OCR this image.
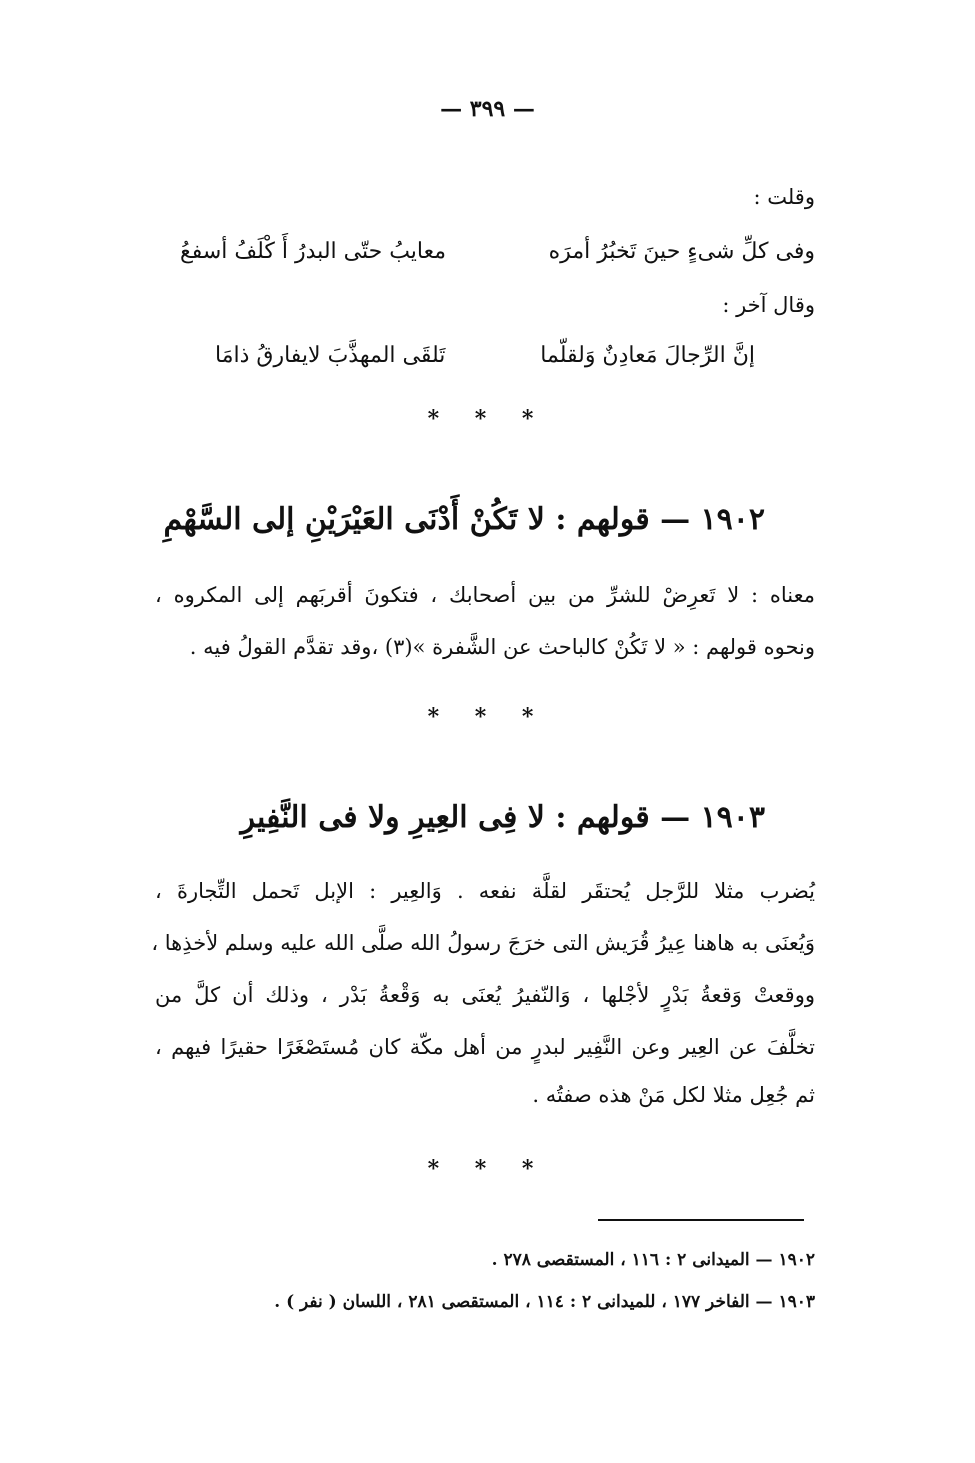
— ٣٩٩ —
وقلت :
وفى كلِّ شىءٍ حينَ تَخبُرُ أمرَه
معايبُ حتّى البدرُ أَ كْلَفُ أسفعُ
وقال آخر :
إنَّ الرِّجالَ مَعادِنٌ وَلقلّما
تَلقَى المهذَّبَ لايفارقُ ذامَا
* * *
١٩٠٢ — قولهم : لا تَكُنْ أَدْنَى العَيْرَيْنِ إلى السَّهْمِ
معناه : لا تَعرِضْ للشرِّ من بين أصحابك ، فتكونَ أقربَهم إلى المكروه ،
ونحوه قولهم : « لا تَكُنْ كالباحث عن الشَّفرة »(٣) ،وقد تقدَّم القولُ فيه .
* * *
١٩٠٣ — قولهم : لا فِى العِيرِ ولا فى النَّفِيرِ
يُضرب مثلا للرَّجل يُحتقَر لقلَّة نفعه . وَالعِير : الإبل تَحمل التِّجارةَ ،
وَيُعنَى به هاهنا عِيرُ قُرَيش التى خرَجَ رسولُ الله صلَّى الله عليه وسلم لأخذِها ،
ووقعتْ وَقعةُ بَدْرٍ لأجْلها ، وَالنّفيرُ يُعنَى به وَقْعةُ بَدْر ، وذلك أن كلَّ من
تخلَّفَ عن العِير وعن النَّفِير لبدرٍ من أهل مكّة كان مُستَصْغَرًا حقيرًا فيهم ،
ثم جُعِل مثلا لكل مَنْ هذه صفتُه .
* * *
١٩٠٢ — الميدانى ٢ : ١١٦ ، المستقصى ٢٧٨ .
١٩٠٣ — الفاخر ١٧٧ ، للميدانى ٢ : ١١٤ ، المستقصى ٢٨١ ، اللسان ( نفر ) .
